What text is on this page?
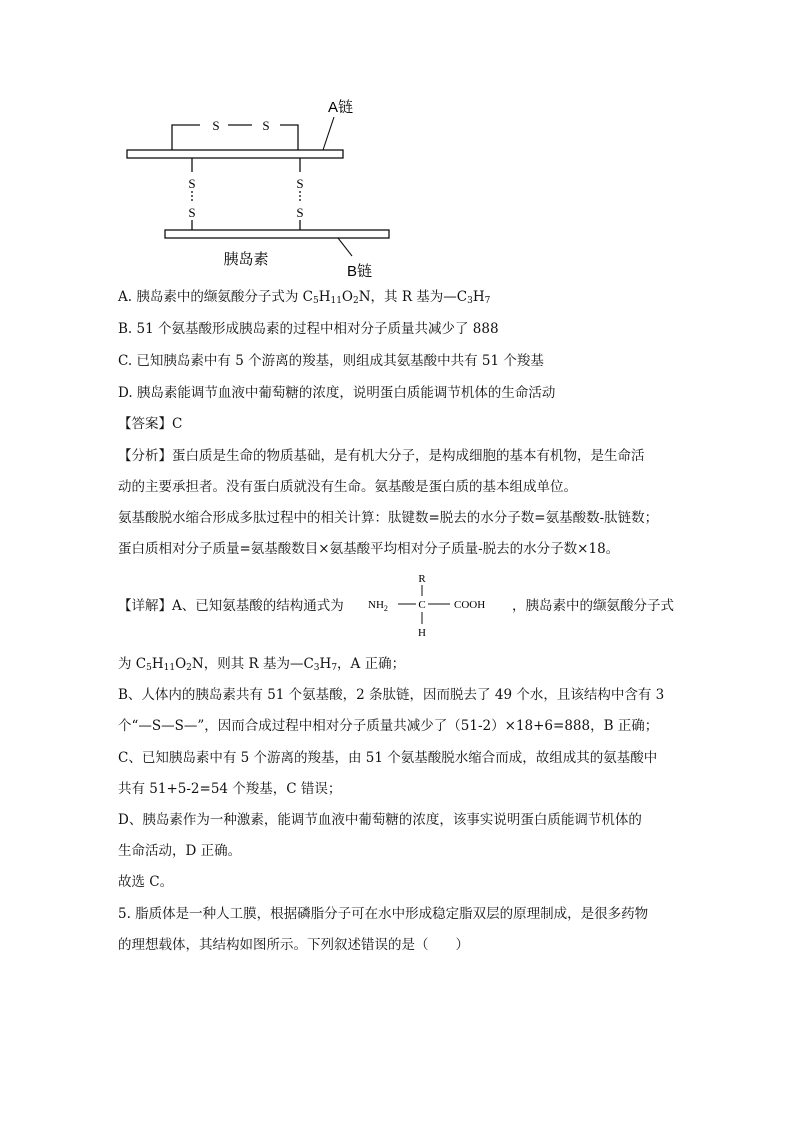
S	S
S
S
S
S
A链
胰岛素
B链
A. 胰岛素中的缬氨酸分子式为 $C_5H_{11}O_2N$，其 R 基为$—C_3H_7$
B. 51 个氨基酸形成胰岛素的过程中相对分子质量共减少了 888
C. 已知胰岛素中有 5 个游离的羧基，则组成其氨基酸中共有 51 个羧基
D. 胰岛素能调节血液中葡萄糖的浓度，说明蛋白质能调节机体的生命活动
【答案】C
【分析】蛋白质是生命的物质基础，是有机大分子，是构成细胞的基本有机物，是生命活
动的主要承担者。没有蛋白质就没有生命。氨基酸是蛋白质的基本组成单位。
氨基酸脱水缩合形成多肽过程中的相关计算：肽键数=脱去的水分子数=氨基酸数-肽链数；
蛋白质相对分子质量=氨基酸数目×氨基酸平均相对分子质量-脱去的水分子数×18。
【详解】A、已知氨基酸的结构通式为
R
$NH_2$	C	COOH
H
，胰岛素中的缬氨酸分子式
为 $C_5H_{11}O_2N$，则其 R 基为$—C_3H_7$，A 正确；
B、人体内的胰岛素共有 51 个氨基酸，2 条肽链，因而脱去了 49 个水，且该结构中含有 3
个“—S—S—”，因而合成过程中相对分子质量共减少了（51-2）×18+6=888，B 正确；
C、已知胰岛素中有 5 个游离的羧基，由 51 个氨基酸脱水缩合而成，故组成其的氨基酸中
共有 51+5-2=54 个羧基，C 错误；
D、胰岛素作为一种激素，能调节血液中葡萄糖的浓度，该事实说明蛋白质能调节机体的
生命活动，D 正确。
故选 C。
5. 脂质体是一种人工膜，根据磷脂分子可在水中形成稳定脂双层的原理制成，是很多药物
的理想载体，其结构如图所示。下列叙述错误的是（　　）
